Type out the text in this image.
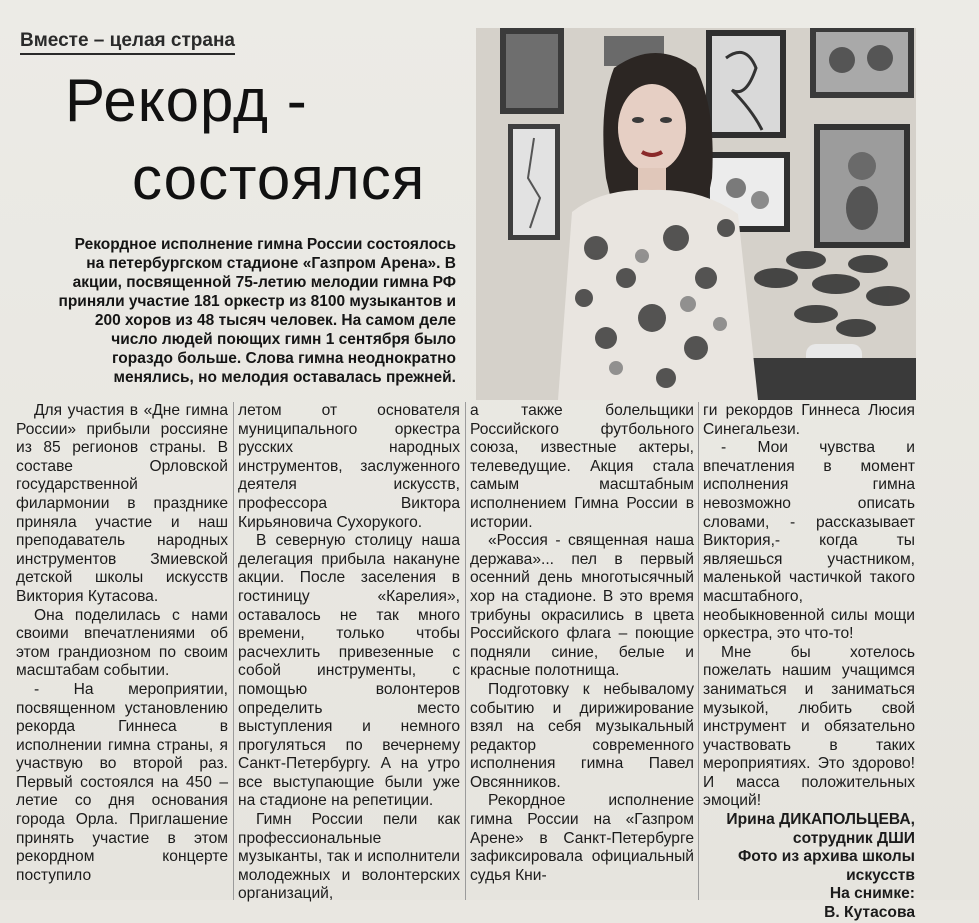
Вместе – целая страна
Рекорд -
состоялся
Рекордное исполнение гимна России состоялось на петербургском стадионе «Газпром Арена». В акции, посвященной 75-летию мелодии гимна РФ приняли участие 181 оркестр из 8100 музыкантов и 200 хоров из 48 тысяч человек. На самом деле число людей поющих гимн 1 сентября было гораздо больше. Слова гимна неоднократно менялись, но мелодия оставалась прежней.

Для участия в «Дне гимна России» прибыли россияне из 85 регионов страны. В составе Орловской государственной филармонии в празднике приняла участие и наш преподаватель народных инструментов Змиевской детской школы искусств Виктория Кутасова.

Она поделилась с нами своими впечатлениями об этом грандиозном по своим масштабам событии.

- На мероприятии, посвященном установлению рекорда Гиннеса в исполнении гимна страны, я участвую во второй раз. Первый состоялся на 450 – летие со дня основания города Орла. Приглашение принять участие в этом рекордном концерте поступило

летом от основателя муниципального оркестра русских народных инструментов, заслуженного деятеля искусств, профессора Виктора Кирьяновича Сухорукого.

В северную столицу наша делегация прибыла накануне акции. После заселения в гостиницу «Карелия», оставалось не так много времени, только чтобы расчехлить привезенные с собой инструменты, с помощью волонтеров определить место выступления и немного прогуляться по вечернему Санкт-Петербургу. А на утро все выступающие были уже на стадионе на репетиции.

Гимн России пели как профессиональные музыканты, так и исполнители молодежных и волонтерских организаций,

а также болельщики Российского футбольного союза, известные актеры, телеведущие. Акция стала самым масштабным исполнением Гимна России в истории.

«Россия - священная наша держава»... пел в первый осенний день многотысячный хор на стадионе. В это время трибуны окрасились в цвета Российского флага – поющие подняли синие, белые и красные полотнища.

Подготовку к небывалому событию и дирижирование взял на себя музыкальный редактор современного исполнения гимна Павел Овсянников.

Рекордное исполнение гимна России на «Газпром Арене» в Санкт-Петербурге зафиксировала официальный судья Кни-

ги рекордов Гиннеса Люсия Синегальези.

- Мои чувства и впечатления в момент исполнения гимна невозможно описать словами, - рассказывает Виктория,- когда ты являешься участником, маленькой частичкой такого масштабного, необыкновенной силы мощи оркестра, это что-то!

Мне бы хотелось пожелать нашим учащимся заниматься и заниматься музыкой, любить свой инструмент и обязательно участвовать в таких мероприятиях. Это здорово! И масса положительных эмоций!

Ирина ДИКАПОЛЬЦЕВА,

сотрудник ДШИ

Фото из архива школы искусств

На снимке:

В. Кутасова
